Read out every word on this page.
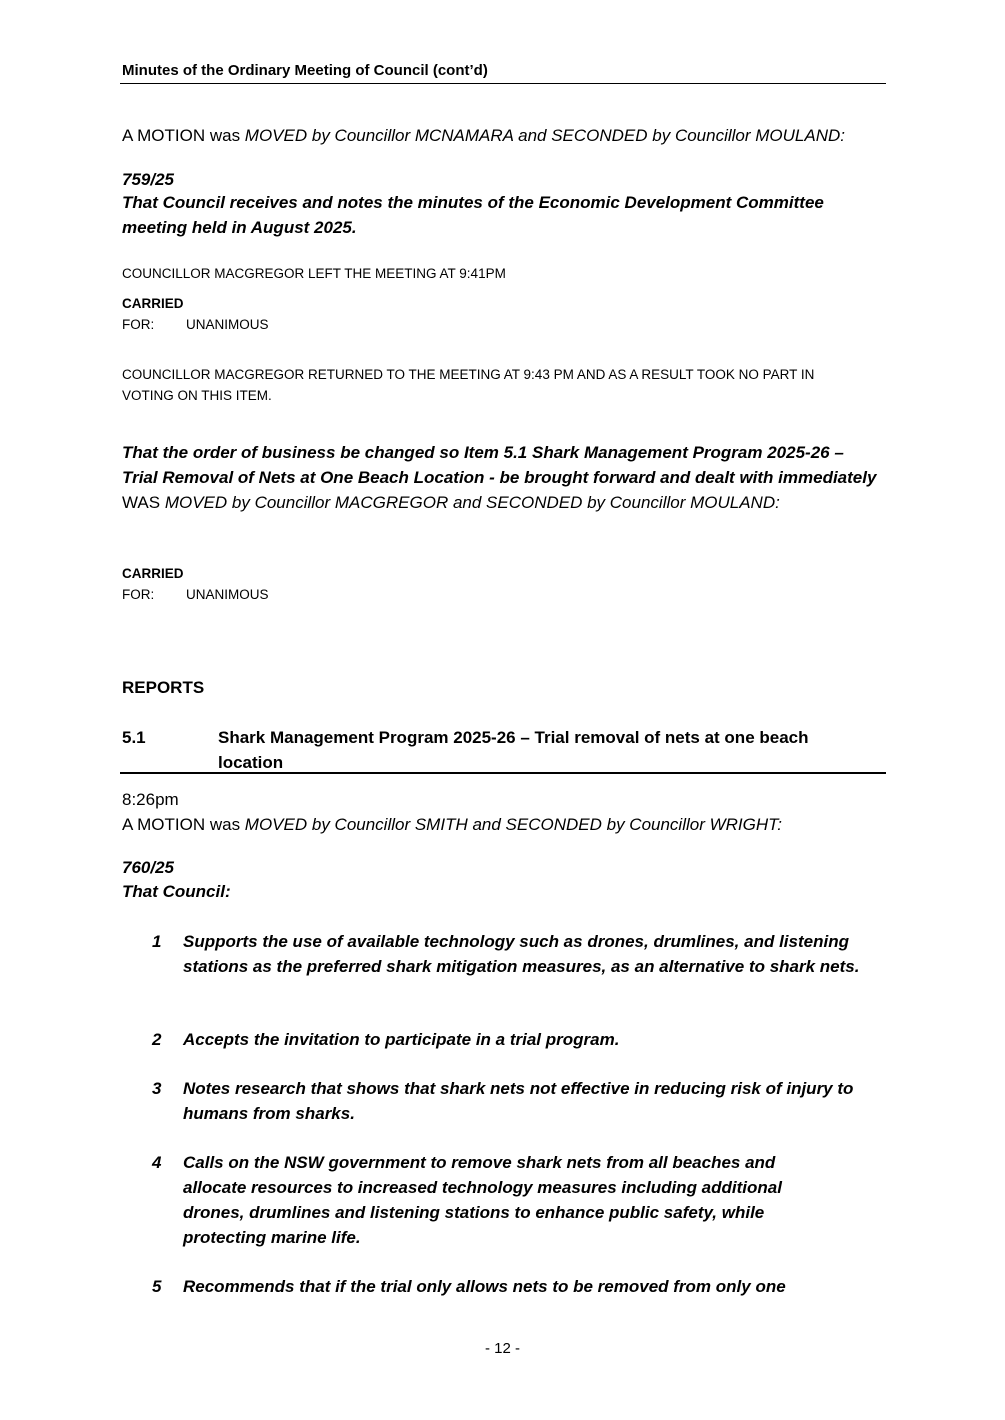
Minutes of the Ordinary Meeting of Council (cont’d)
A MOTION was MOVED by Councillor MCNAMARA and SECONDED by Councillor MOULAND:
759/25
That Council receives and notes the minutes of the Economic Development Committee meeting held in August 2025.
COUNCILLOR MACGREGOR LEFT THE MEETING AT 9:41PM
CARRIED
FOR: UNANIMOUS
COUNCILLOR MACGREGOR RETURNED TO THE MEETING AT 9:43 PM AND AS A RESULT TOOK NO PART IN VOTING ON THIS ITEM.
That the order of business be changed so Item 5.1 Shark Management Program 2025-26 – Trial Removal of Nets at One Beach Location - be brought forward and dealt with immediately WAS MOVED by Councillor MACGREGOR and SECONDED by Councillor MOULAND:
CARRIED
FOR: UNANIMOUS
REPORTS
5.1	Shark Management Program 2025-26 – Trial removal of nets at one beach location
8:26pm
A MOTION was MOVED by Councillor SMITH and SECONDED by Councillor WRIGHT:
760/25
That Council:
1	Supports the use of available technology such as drones, drumlines, and listening stations as the preferred shark mitigation measures, as an alternative to shark nets.
2	Accepts the invitation to participate in a trial program.
3	Notes research that shows that shark nets not effective in reducing risk of injury to humans from sharks.
4	Calls on the NSW government to remove shark nets from all beaches and allocate resources to increased technology measures including additional drones, drumlines and listening stations to enhance public safety, while protecting marine life.
5	Recommends that if the trial only allows nets to be removed from only one
- 12 -
